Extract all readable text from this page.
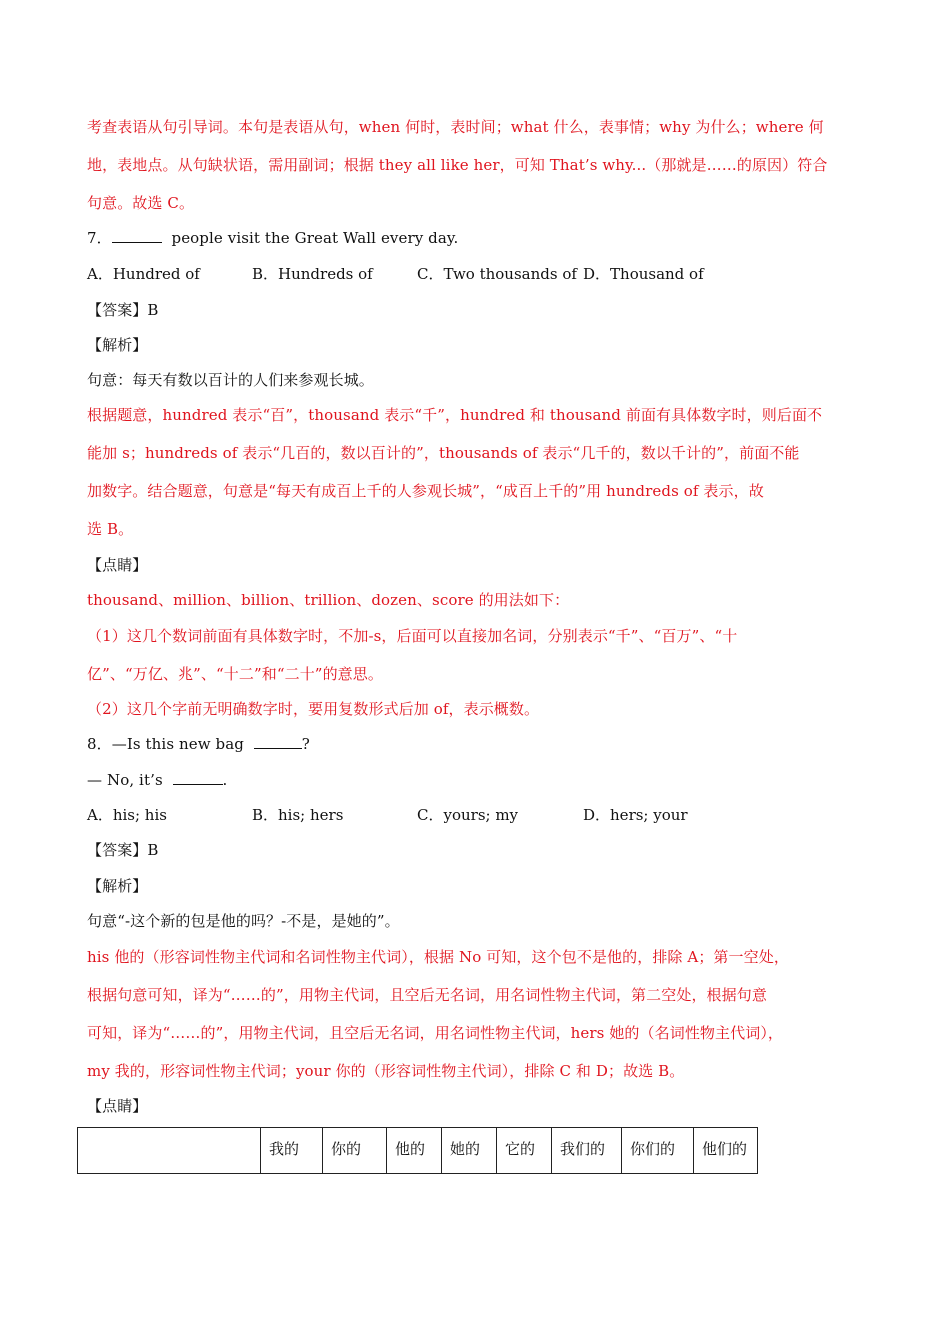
考查表语从句引导词。本句是表语从句，when 何时，表时间；what 什么，表事情；why 为什么；where 何
地，表地点。从句缺状语，需用副词；根据 they all like her，可知 That’s why...（那就是……的原因）符合
句意。故选 C。
7．	people visit the Great Wall every day.
A．Hundred of	B．Hundreds of	C．Two thousands of D．Thousand of
【答案】B
【解析】
句意：每天有数以百计的人们来参观长城。
根据题意，hundred 表示“百”，thousand 表示“千”，hundred 和 thousand 前面有具体数字时，则后面不
能加 s；hundreds of 表示“几百的，数以百计的”，thousands of 表示“几千的，数以千计的”，前面不能
加数字。结合题意，句意是“每天有成百上千的人参观长城”，“成百上千的”用 hundreds of 表示，故
选 B。
【点睛】
thousand、million、billion、trillion、dozen、score 的用法如下：
（1）这几个数词前面有具体数字时，不加-s，后面可以直接加名词，分别表示“千”、“百万”、“十
亿”、“万亿、兆”、“十二”和“二十”的意思。
（2）这几个字前无明确数字时，要用复数形式后加 of，表示概数。
8．—Is this new bag	?
— No, it’s	.
A．his; his	B．his; hers	C．yours; my	D．hers; your
【答案】B
【解析】
句意“-这个新的包是他的吗？-不是，是她的”。
his 他的（形容词性物主代词和名词性物主代词），根据 No 可知，这个包不是他的，排除 A；第一空处，
根据句意可知，译为“……的”，用物主代词，且空后无名词，用名词性物主代词，第二空处，根据句意
可知，译为“……的”，用物主代词，且空后无名词，用名词性物主代词，hers 她的（名词性物主代词），
my 我的，形容词性物主代词；your 你的（形容词性物主代词），排除 C 和 D；故选 B。
【点睛】
	我的	你的	他的	她的	它的	我们的	你们的	他们的
